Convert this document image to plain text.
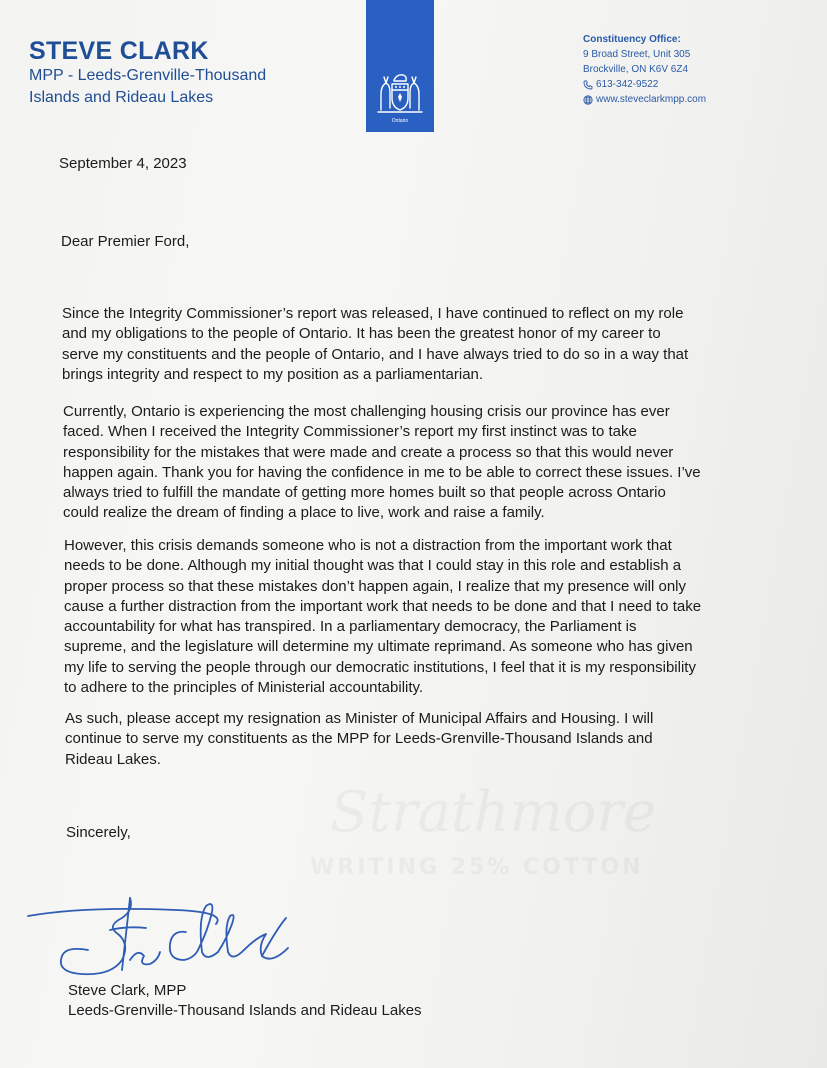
STEVE CLARK
MPP - Leeds-Grenville-Thousand
Islands and Rideau Lakes
Ontario
Constituency Office:
9 Broad Street, Unit 305
Brockville, ON K6V 6Z4
613-342-9522
www.steveclarkmpp.com
Strathmore
WRITING 25% COTTON
September 4, 2023
Dear Premier Ford,

Since the Integrity Commissioner’s report was released, I have continued to reflect on my role
and my obligations to the people of Ontario. It has been the greatest honor of my career to
serve my constituents and the people of Ontario, and I have always tried to do so in a way that
brings integrity and respect to my position as a parliamentarian.

Currently, Ontario is experiencing the most challenging housing crisis our province has ever
faced. When I received the Integrity Commissioner’s report my first instinct was to take
responsibility for the mistakes that were made and create a process so that this would never
happen again. Thank you for having the confidence in me to be able to correct these issues. I’ve
always tried to fulfill the mandate of getting more homes built so that people across Ontario
could realize the dream of finding a place to live, work and raise a family.

However, this crisis demands someone who is not a distraction from the important work that
needs to be done. Although my initial thought was that I could stay in this role and establish a
proper process so that these mistakes don’t happen again, I realize that my presence will only
cause a further distraction from the important work that needs to be done and that I need to take
accountability for what has transpired. In a parliamentary democracy, the Parliament is
supreme, and the legislature will determine my ultimate reprimand. As someone who has given
my life to serving the people through our democratic institutions, I feel that it is my responsibility
to adhere to the principles of Ministerial accountability.

As such, please accept my resignation as Minister of Municipal Affairs and Housing. I will
continue to serve my constituents as the MPP for Leeds-Grenville-Thousand Islands and
Rideau Lakes.

Sincerely,
Steve Clark, MPP
Leeds-Grenville-Thousand Islands and Rideau Lakes
